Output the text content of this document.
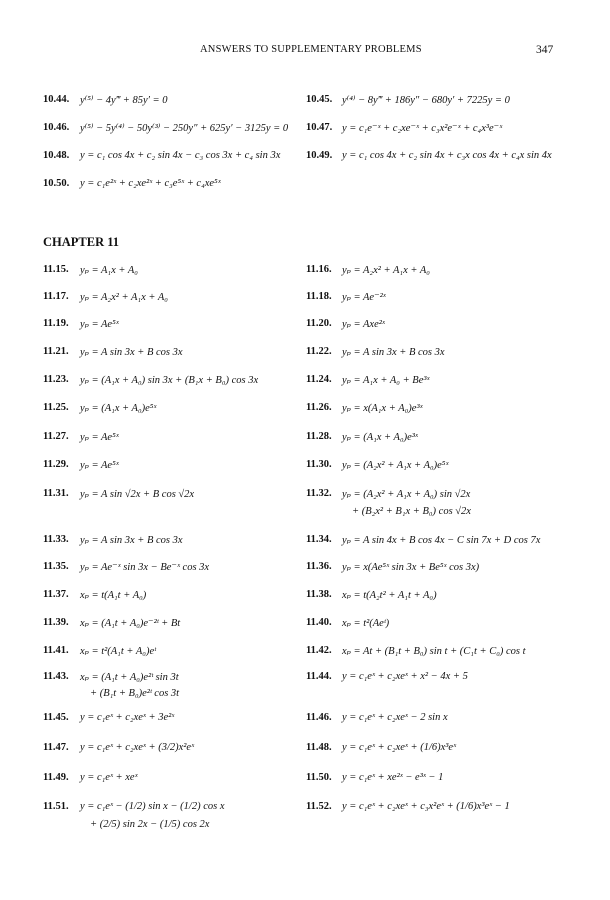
ANSWERS TO SUPPLEMENTARY PROBLEMS	347
10.44. y⁽⁵⁾ − 4y‴ + 85y′ = 0	10.45. y⁽⁴⁾ − 8y‴ + 186y″ − 680y′ + 7225y = 0
10.46. y⁽⁵⁾ − 5y⁽⁴⁾ − 50y⁽³⁾ − 250y″ + 625y′ − 3125y = 0 10.47. y = c₁e⁻ˣ + c₂xe⁻ˣ + c₃x²e⁻ˣ + c₄x³e⁻ˣ
10.48. y = c₁ cos 4x + c₂ sin 4x − c₃ cos 3x + c₄ sin 3x 10.49. y = c₁ cos 4x + c₂ sin 4x + c₃x cos 4x + c₄x sin 4x
10.50. y = c₁e²ˣ + c₂xe²ˣ + c₃e⁵ˣ + c₄xe⁵ˣ
CHAPTER 11
11.15. yₚ = A₁x + A₀	11.16. yₚ = A₂x² + A₁x + A₀
11.17. yₚ = A₂x² + A₁x + A₀	11.18. yₚ = Ae⁻²ˣ
11.19. yₚ = Ae⁵ˣ	11.20. yₚ = Axe²ˣ
11.21. yₚ = A sin 3x + B cos 3x	11.22. yₚ = A sin 3x + B cos 3x
11.23. yₚ = (A₁x + A₀) sin 3x + (B₁x + B₀) cos 3x	11.24. yₚ = A₁x + A₀ + Be³ˣ
11.25. yₚ = (A₁x + A₀)e⁵ˣ	11.26. yₚ = x(A₁x + A₀)e³ˣ
11.27. yₚ = Ae⁵ˣ	11.28. yₚ = (A₁x + A₀)e³ˣ
11.29. yₚ = Ae⁵ˣ	11.30. yₚ = (A₂x² + A₁x + A₀)e⁵ˣ
11.31. yₚ = A sin √2x + B cos √2x	11.32. yₚ = (A₂x² + A₁x + A₀) sin √2x
+ (B₂x² + B₁x + B₀) cos √2x
11.33. yₚ = A sin 3x + B cos 3x	11.34. yₚ = A sin 4x + B cos 4x − C sin 7x + D cos 7x
11.35. yₚ = Ae⁻ˣ sin 3x − Be⁻ˣ cos 3x	11.36. yₚ = x(Ae⁵ˣ sin 3x + Be⁵ˣ cos 3x)
11.37. xₚ = t(A₁t + A₀)	11.38. xₚ = t(A₂t² + A₁t + A₀)
11.39. xₚ = (A₁t + A₀)e⁻²ᵗ + Bt	11.40. xₚ = t²(Aeᵗ)
11.41. xₚ = t²(A₁t + A₀)eᵗ	11.42. xₚ = At + (B₁t + B₀) sin t + (C₁t + C₀) cos t
11.43. xₚ = (A₁t + A₀)e²ᵗ sin 3t	11.44. y = c₁eˣ + c₂xeˣ + x² − 4x + 5
+ (B₁t + B₀)e²ᵗ cos 3t
11.45. y = c₁eˣ + c₂xeˣ + 3e²ˣ	11.46. y = c₁eˣ + c₂xeˣ − 2 sin x
11.47. y = c₁eˣ + c₂xeˣ + (3/2)x²eˣ	11.48. y = c₁eˣ + c₂xeˣ + (1/6)x³eˣ
11.49. y = c₁eˣ + xeˣ	11.50. y = c₁eˣ + xe²ˣ − e³ˣ − 1
11.51. y = c₁eˣ − (1/2) sin x − (1/2) cos x	11.52. y = c₁eˣ + c₂xeˣ + c₃x²eˣ + (1/6)x³eˣ − 1
+ (2/5) sin 2x − (1/5) cos 2x
